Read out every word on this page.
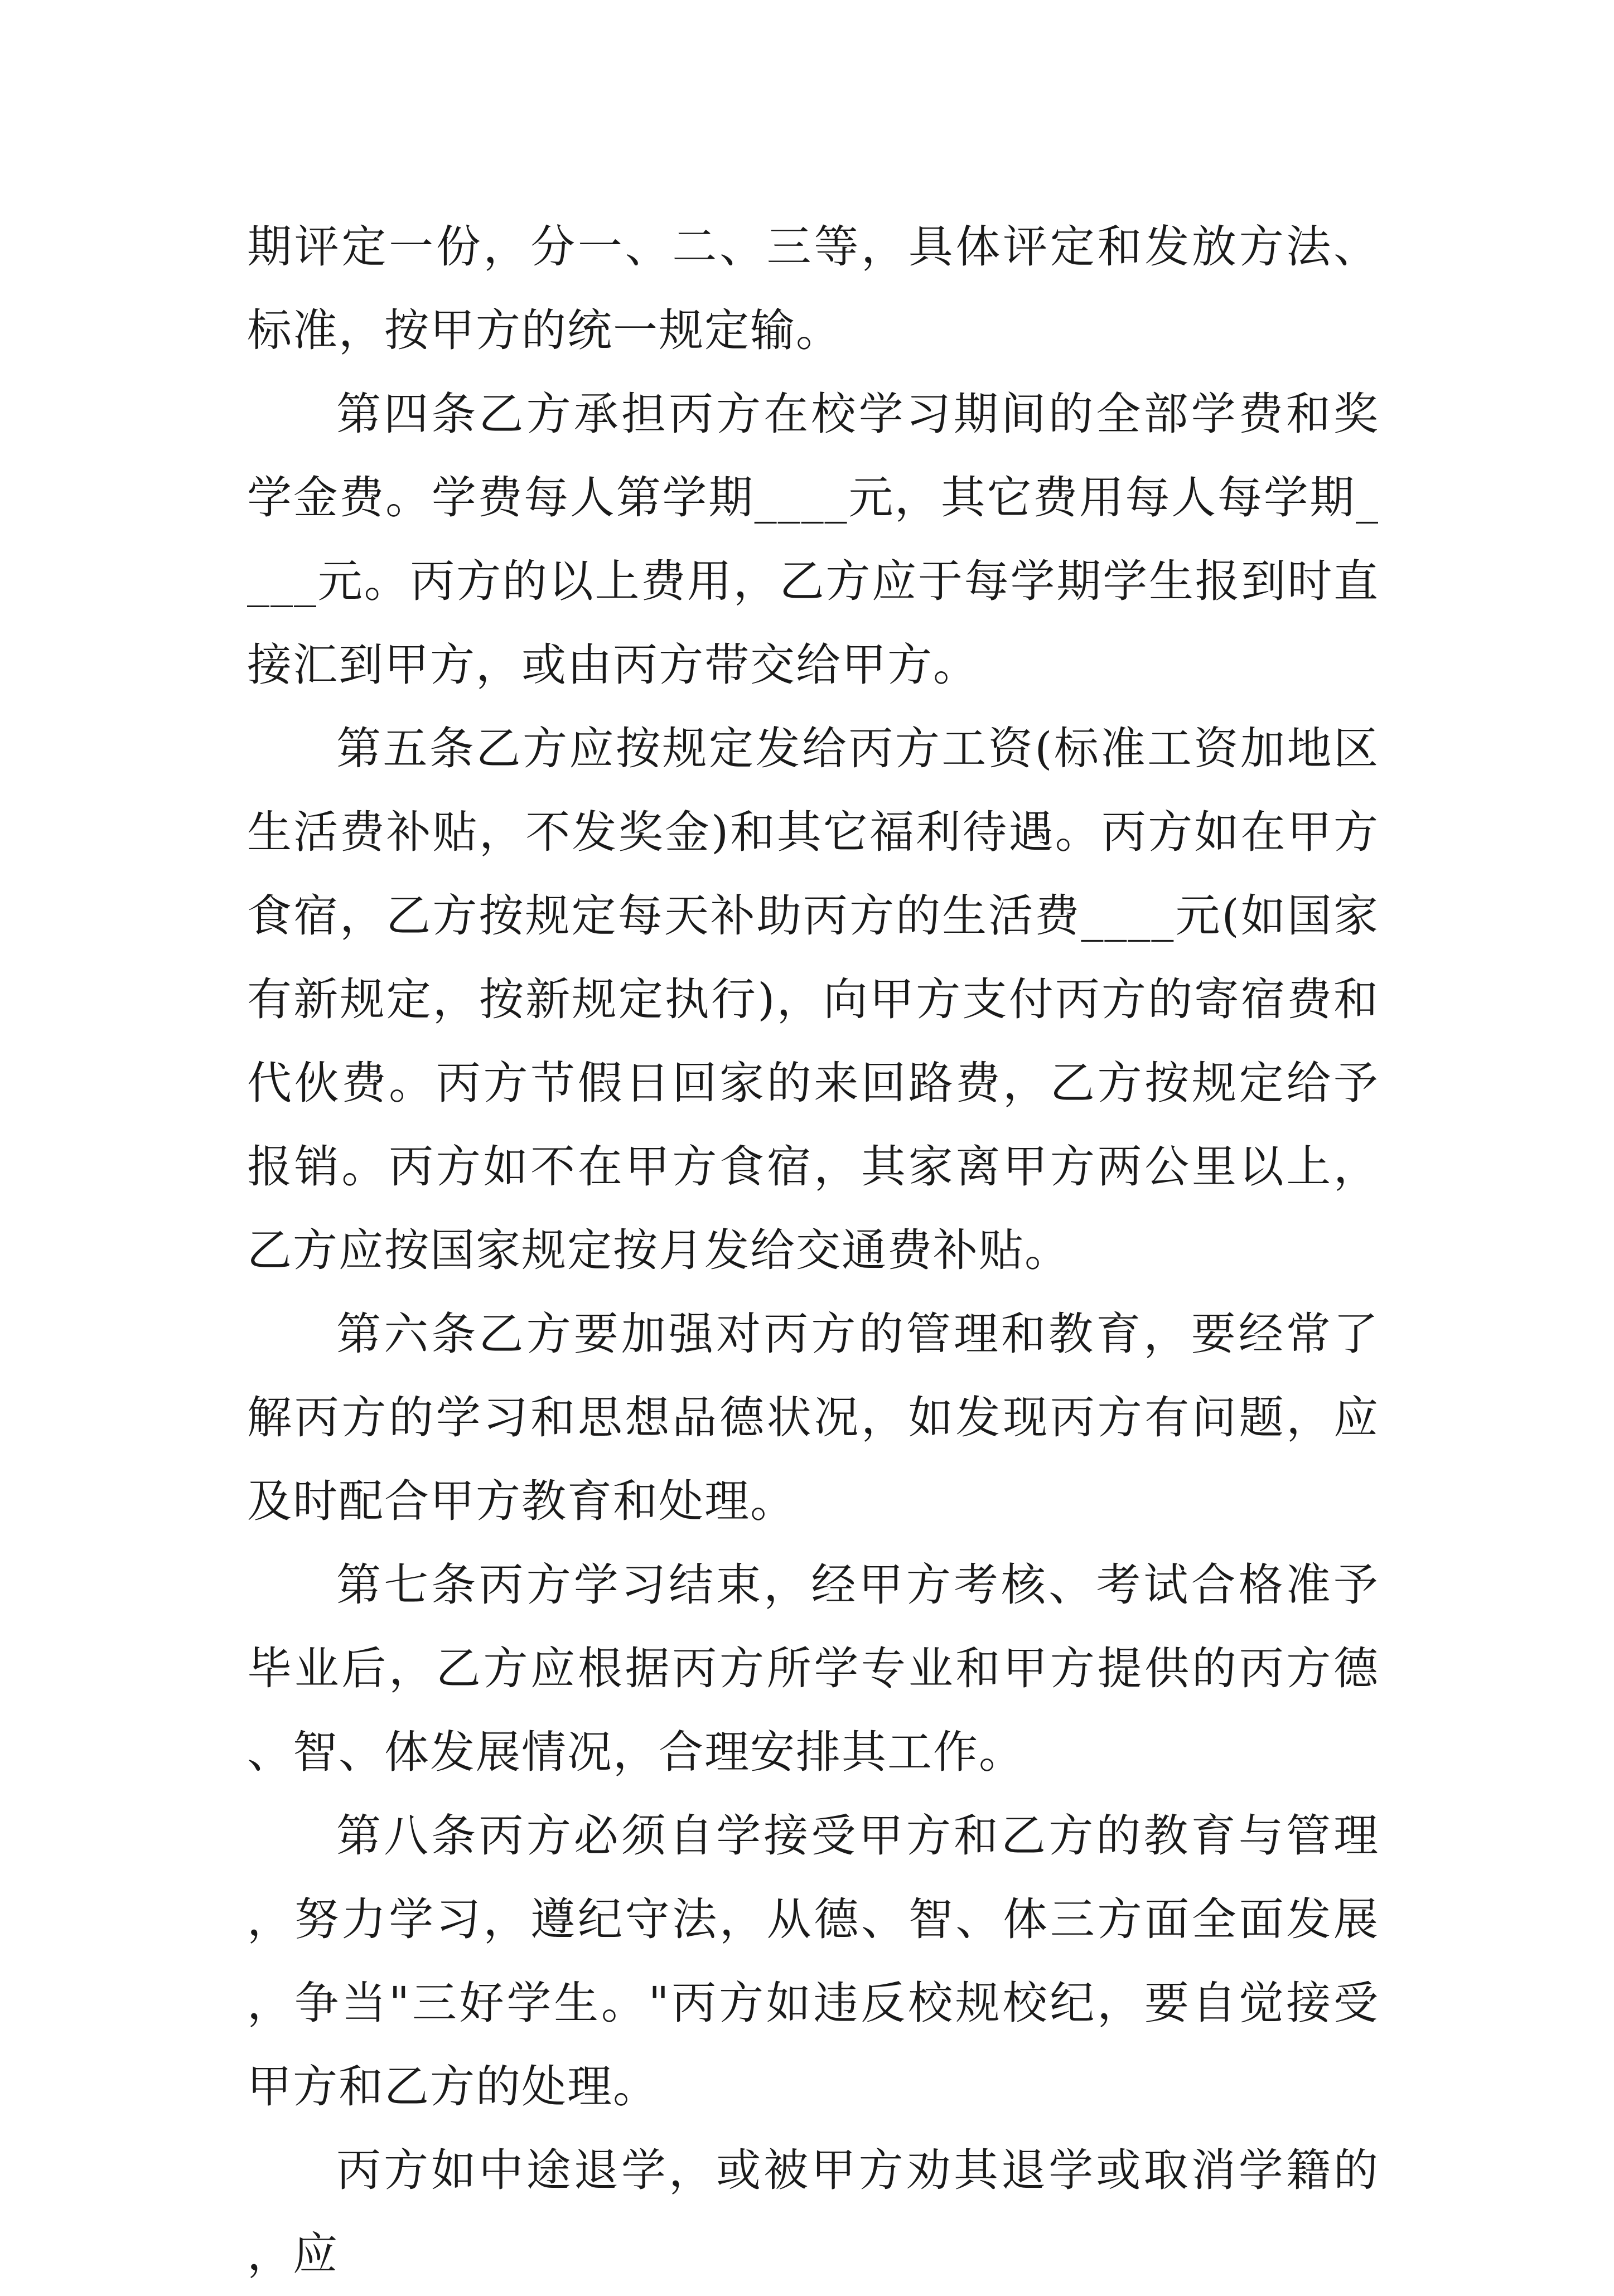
期评定一份，分一、二、三等，具体评定和发放方法、标准，按甲方的统一规定输。

第四条乙方承担丙方在校学习期间的全部学费和奖学金费。学费每人第学期____元，其它费用每人每学期____元。丙方的以上费用，乙方应于每学期学生报到时直接汇到甲方，或由丙方带交给甲方。

第五条乙方应按规定发给丙方工资(标准工资加地区生活费补贴，不发奖金)和其它福利待遇。丙方如在甲方食宿，乙方按规定每天补助丙方的生活费____元(如国家有新规定，按新规定执行)，向甲方支付丙方的寄宿费和代伙费。丙方节假日回家的来回路费，乙方按规定给予报销。丙方如不在甲方食宿，其家离甲方两公里以上，乙方应按国家规定按月发给交通费补贴。

第六条乙方要加强对丙方的管理和教育，要经常了解丙方的学习和思想品德状况，如发现丙方有问题，应及时配合甲方教育和处理。

第七条丙方学习结束，经甲方考核、考试合格准予毕业后，乙方应根据丙方所学专业和甲方提供的丙方德、智、体发展情况，合理安排其工作。

第八条丙方必须自学接受甲方和乙方的教育与管理，努力学习，遵纪守法，从德、智、体三方面全面发展，争当"三好学生。"丙方如违反校规校纪，要自觉接受甲方和乙方的处理。

丙方如中途退学，或被甲方劝其退学或取消学籍的，应
